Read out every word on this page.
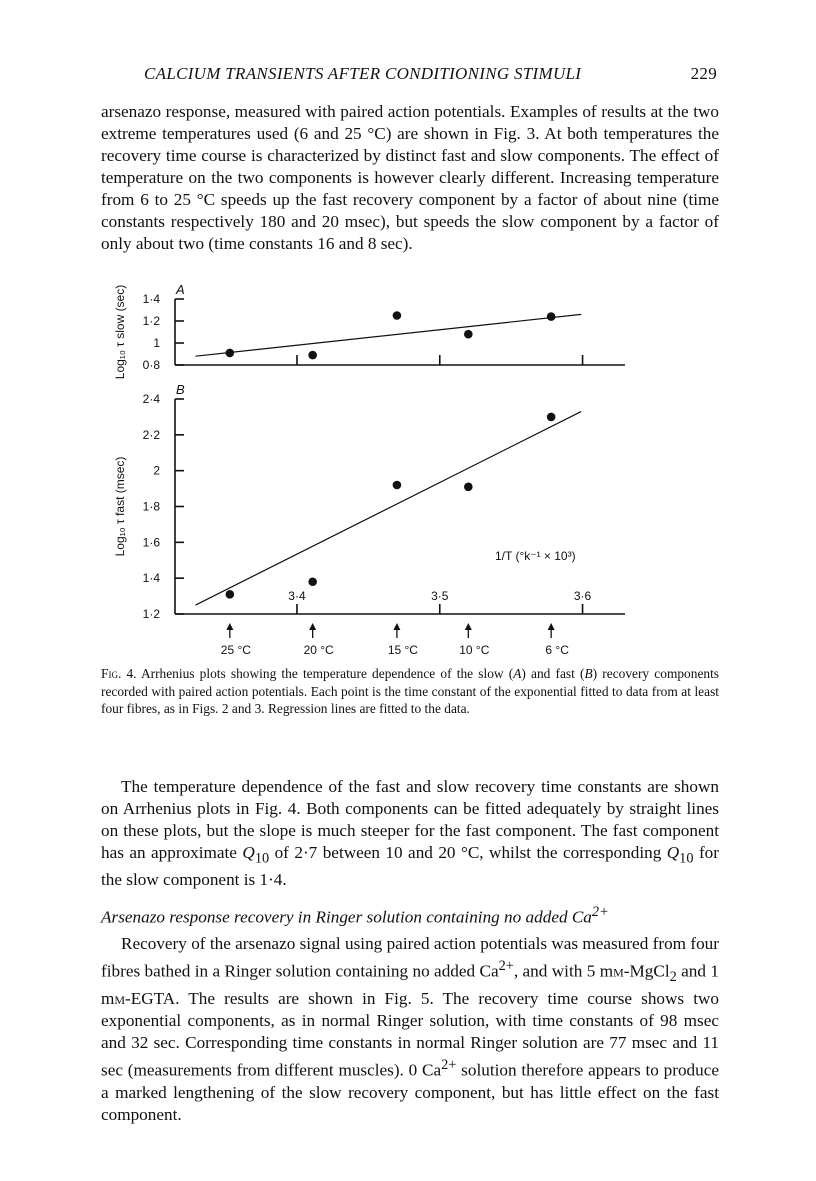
CALCIUM TRANSIENTS AFTER CONDITIONING STIMULI	229

arsenazo response, measured with paired action potentials. Examples of results at the two extreme temperatures used (6 and 25 °C) are shown in Fig. 3. At both temperatures the recovery time course is characterized by distinct fast and slow components. The effect of temperature on the two components is however clearly different. Increasing temperature from 6 to 25 °C speeds up the fast recovery component by a factor of about nine (time constants respectively 180 and 20 msec), but speeds the slow component by a factor of only about two (time constants 16 and 8 sec).

A
0·8
1
1·2
1·4
Log₁₀ τ slow (sec)
B
1·2
1·4
1·6
1·8
2
2·2
2·4
Log₁₀ τ fast (msec)
3·4	3·5	3·6
1/T (°k⁻¹ × 10³)
25 °C	20 °C	15 °C	10 °C	6 °C

Fig. 4. Arrhenius plots showing the temperature dependence of the slow (A) and fast (B) recovery components recorded with paired action potentials. Each point is the time constant of the exponential fitted to data from at least four fibres, as in Figs. 2 and 3. Regression lines are fitted to the data.

The temperature dependence of the fast and slow recovery time constants are shown on Arrhenius plots in Fig. 4. Both components can be fitted adequately by straight lines on these plots, but the slope is much steeper for the fast component. The fast component has an approximate $Q_{10}$ of 2·7 between 10 and 20 °C, whilst the corresponding $Q_{10}$ for the slow component is 1·4.

Arsenazo response recovery in Ringer solution containing no added $Ca^{2+}$

Recovery of the arsenazo signal using paired action potentials was measured from four fibres bathed in a Ringer solution containing no added $Ca^{2+}$, and with 5 mm-MgCl$_2$ and 1 mm-EGTA. The results are shown in Fig. 5. The recovery time course shows two exponential components, as in normal Ringer solution, with time constants of 98 msec and 32 sec. Corresponding time constants in normal Ringer solution are 77 msec and 11 sec (measurements from different muscles). 0 $Ca^{2+}$ solution therefore appears to produce a marked lengthening of the slow recovery component, but has little effect on the fast component.
